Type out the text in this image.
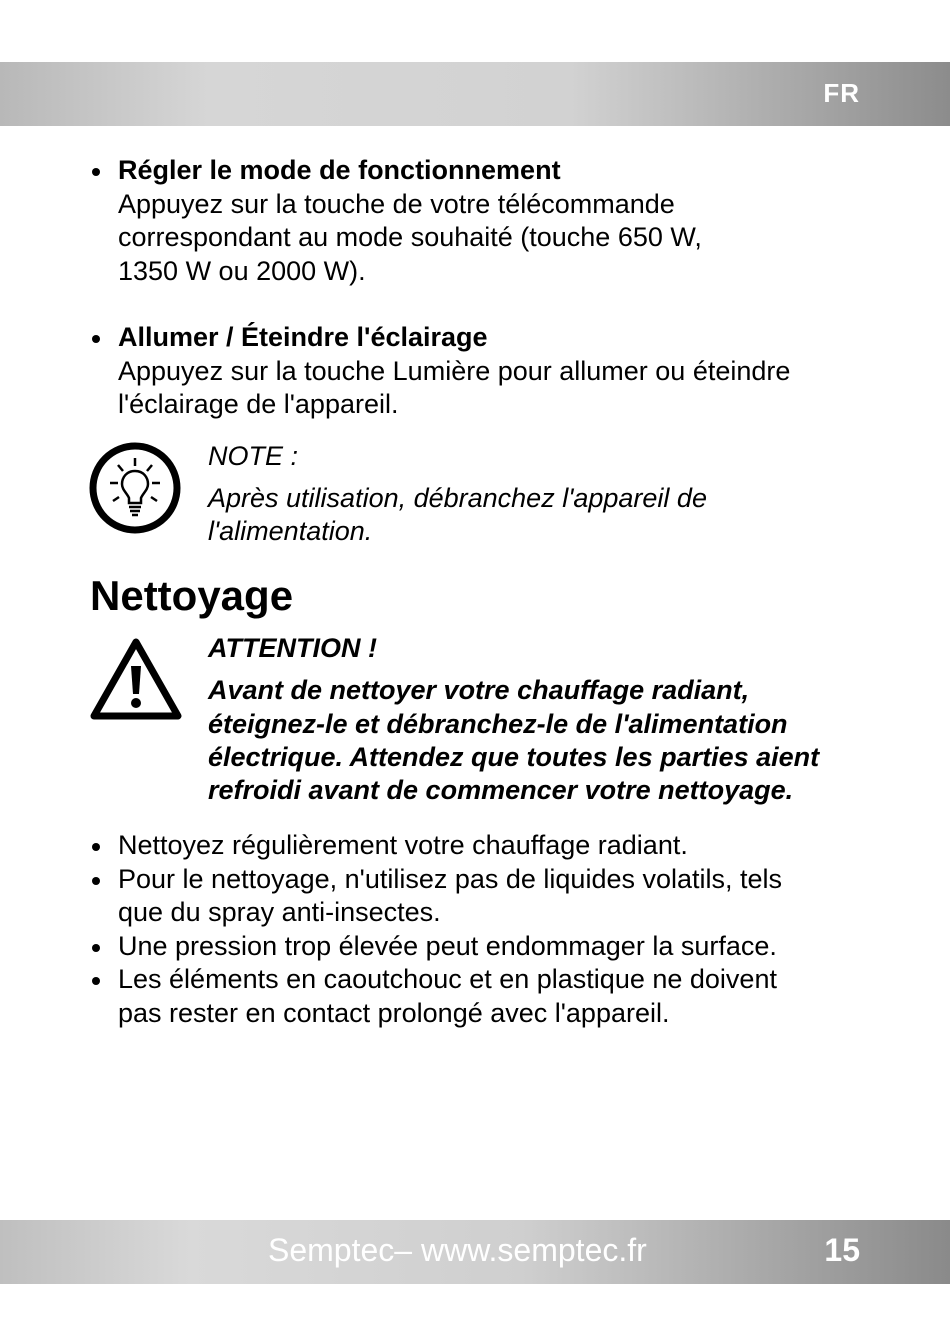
FR
Régler le mode de fonctionnement
Appuyez sur la touche de votre télécommande
correspondant au mode souhaité (touche 650 W,
1350 W ou 2000 W).
Allumer / Éteindre l'éclairage
Appuyez sur la touche Lumière pour allumer ou éteindre
l'éclairage de l'appareil.
NOTE :
Après utilisation, débranchez l'appareil de
l'alimentation.
Nettoyage
ATTENTION !
Avant de nettoyer votre chauffage radiant,
éteignez-le et débranchez-le de l'alimentation
électrique. Attendez que toutes les parties aient
refroidi avant de commencer votre nettoyage.
Nettoyez régulièrement votre chauffage radiant.
Pour le nettoyage, n'utilisez pas de liquides volatils, tels
que du spray anti-insectes.
Une pression trop élevée peut endommager la surface.
Les éléments en caoutchouc et en plastique ne doivent
pas rester en contact prolongé avec l'appareil.
Semptec– www.semptec.fr	15
